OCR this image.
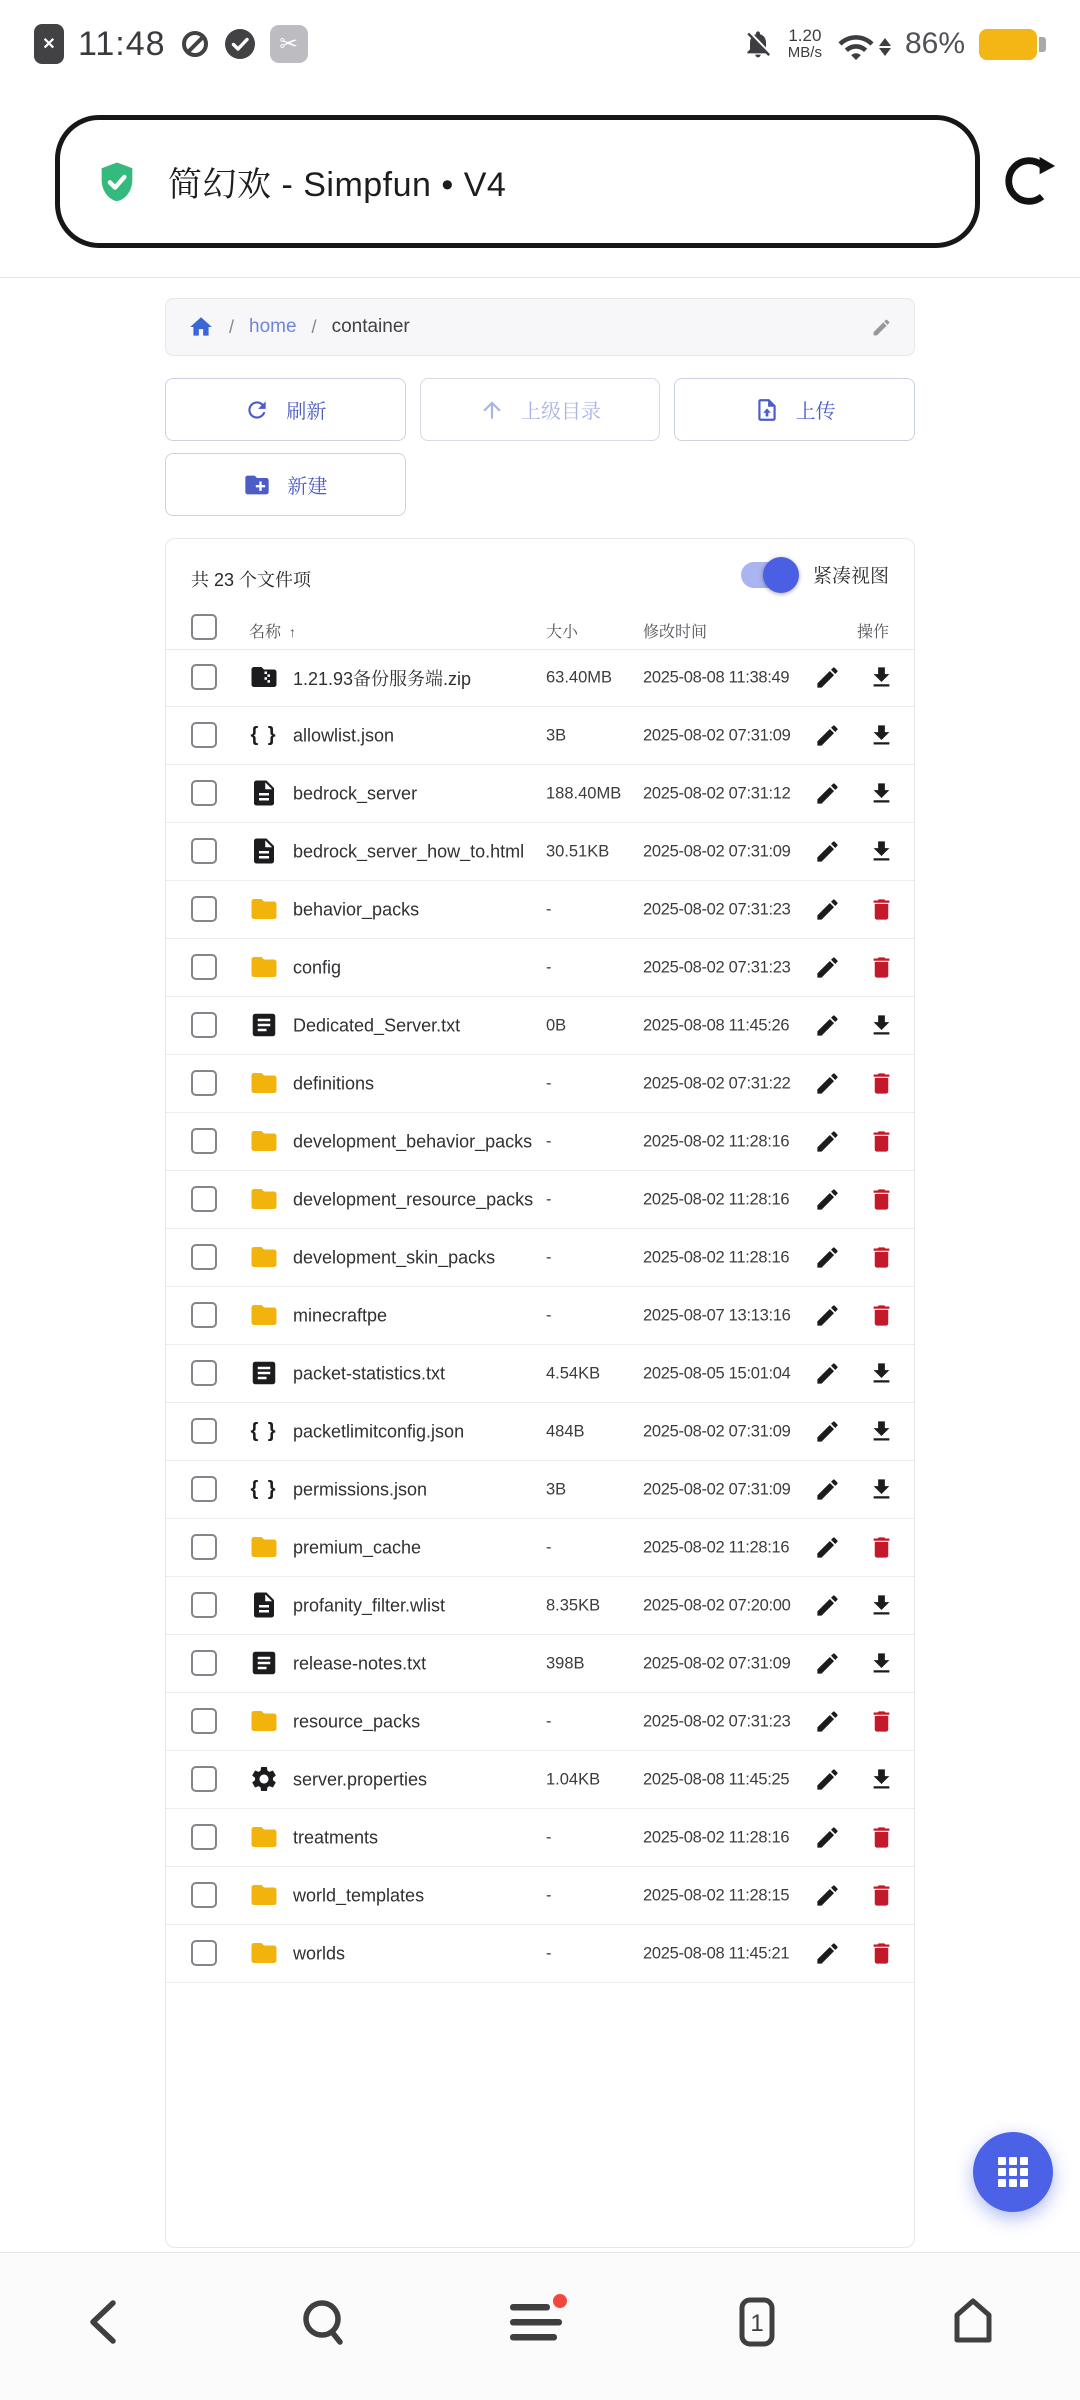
✕ 11:48	✂	1.20
MB/s	86%
简幻欢 - Simpfun • V4
/ home / container
刷新	上级目录	上传
新建
共 23 个文件项	紧凑视图
名称 ↑	大小	修改时间	操作
1.21.93备份服务端.zip	63.40MB 2025-08-08 11:38:49
{ } allowlist.json	3B	2025-08-02 07:31:09
bedrock_server	188.40MB 2025-08-02 07:31:12
bedrock_server_how_to.html 30.51KB 2025-08-02 07:31:09
behavior_packs	-	2025-08-02 07:31:23
config	-	2025-08-02 07:31:23
Dedicated_Server.txt	0B	2025-08-08 11:45:26
definitions	-	2025-08-02 07:31:22
development_behavior_packs -	2025-08-02 11:28:16
development_resource_packs -	2025-08-02 11:28:16
development_skin_packs	-	2025-08-02 11:28:16
minecraftpe	-	2025-08-07 13:13:16
packet-statistics.txt	4.54KB	2025-08-05 15:01:04
{ } packetlimitconfig.json	484B	2025-08-02 07:31:09
{ } permissions.json	3B	2025-08-02 07:31:09
premium_cache	-	2025-08-02 11:28:16
profanity_filter.wlist	8.35KB	2025-08-02 07:20:00
release-notes.txt	398B	2025-08-02 07:31:09
resource_packs	-	2025-08-02 07:31:23
server.properties	1.04KB	2025-08-08 11:45:25
treatments	-	2025-08-02 11:28:16
world_templates	-	2025-08-02 11:28:15
worlds	-	2025-08-08 11:45:21
1
